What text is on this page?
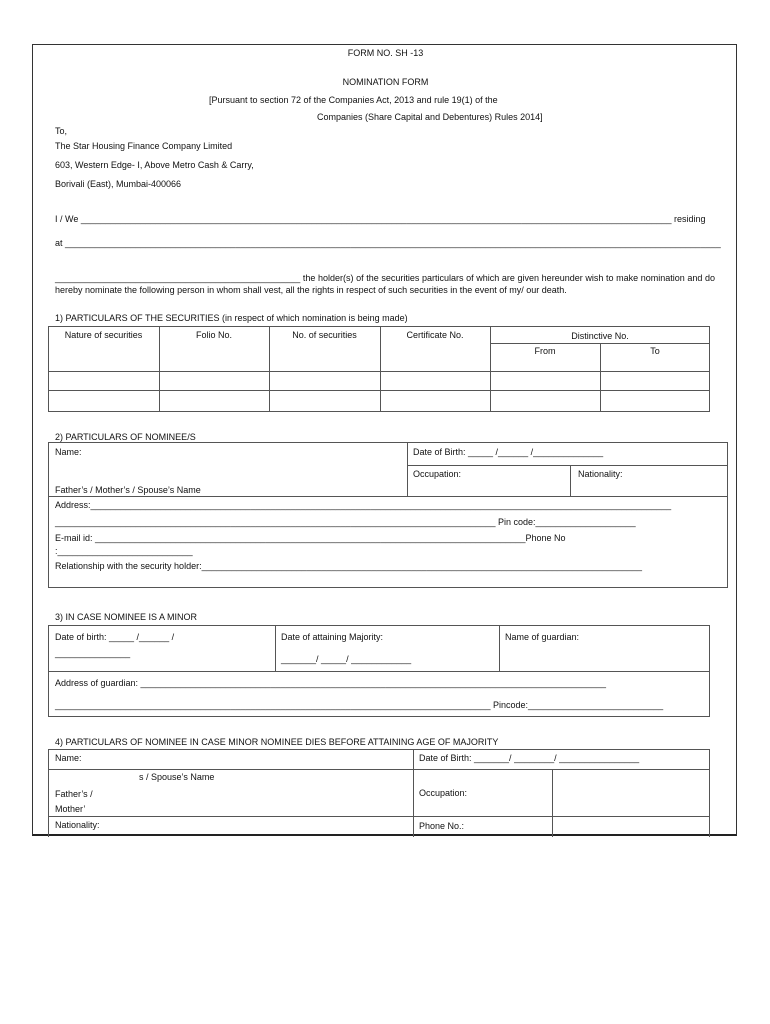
FORM NO. SH -13
NOMINATION FORM
[Pursuant to section 72 of the Companies Act, 2013 and rule 19(1) of the
Companies (Share Capital and Debentures) Rules 2014]
To,
The Star Housing Finance Company Limited
603, Western Edge- I, Above Metro Cash & Carry,
Borivali (East), Mumbai-400066
I / We ______________________________________________________________________________________________________________________ residing
at ___________________________________________________________________________________________________________________________________
_________________________________________________ the holder(s) of the securities particulars of which are given hereunder wish to make nomination and do hereby nominate the following person in whom shall vest, all the rights in respect of such securities in the event of my/ our death.
1) PARTICULARS OF THE SECURITIES (in respect of which nomination is being made)
Nature of securities	Folio No.	No. of securities	Certificate No.	Distinctive No.
From	To
2) PARTICULARS OF NOMINEE/S
Name:	Date of Birth: _____ /______ /______________
Occupation:	Nationality:
Father’s / Mother’s / Spouse’s Name
Address:____________________________________________________________________________________________________________________
________________________________________________________________________________________ Pin code:____________________
E-mail id: ______________________________________________________________________________________Phone No
:___________________________
Relationship with the security holder:________________________________________________________________________________________
3) IN CASE NOMINEE IS A MINOR
Date of birth: _____ /______ /
_______________
Date of attaining Majority:
_______/ _____/ ____________
Name of guardian:
Address of guardian: _____________________________________________________________________________________________
_______________________________________________________________________________________ Pincode:___________________________
4) PARTICULARS OF NOMINEE IN CASE MINOR NOMINEE DIES BEFORE ATTAINING AGE OF MAJORITY
Name:	Date of Birth: _______/ ________/ ________________
s / Spouse’s Name
Father’s /
Mother’
Occupation:
Nationality:	Phone No.:
